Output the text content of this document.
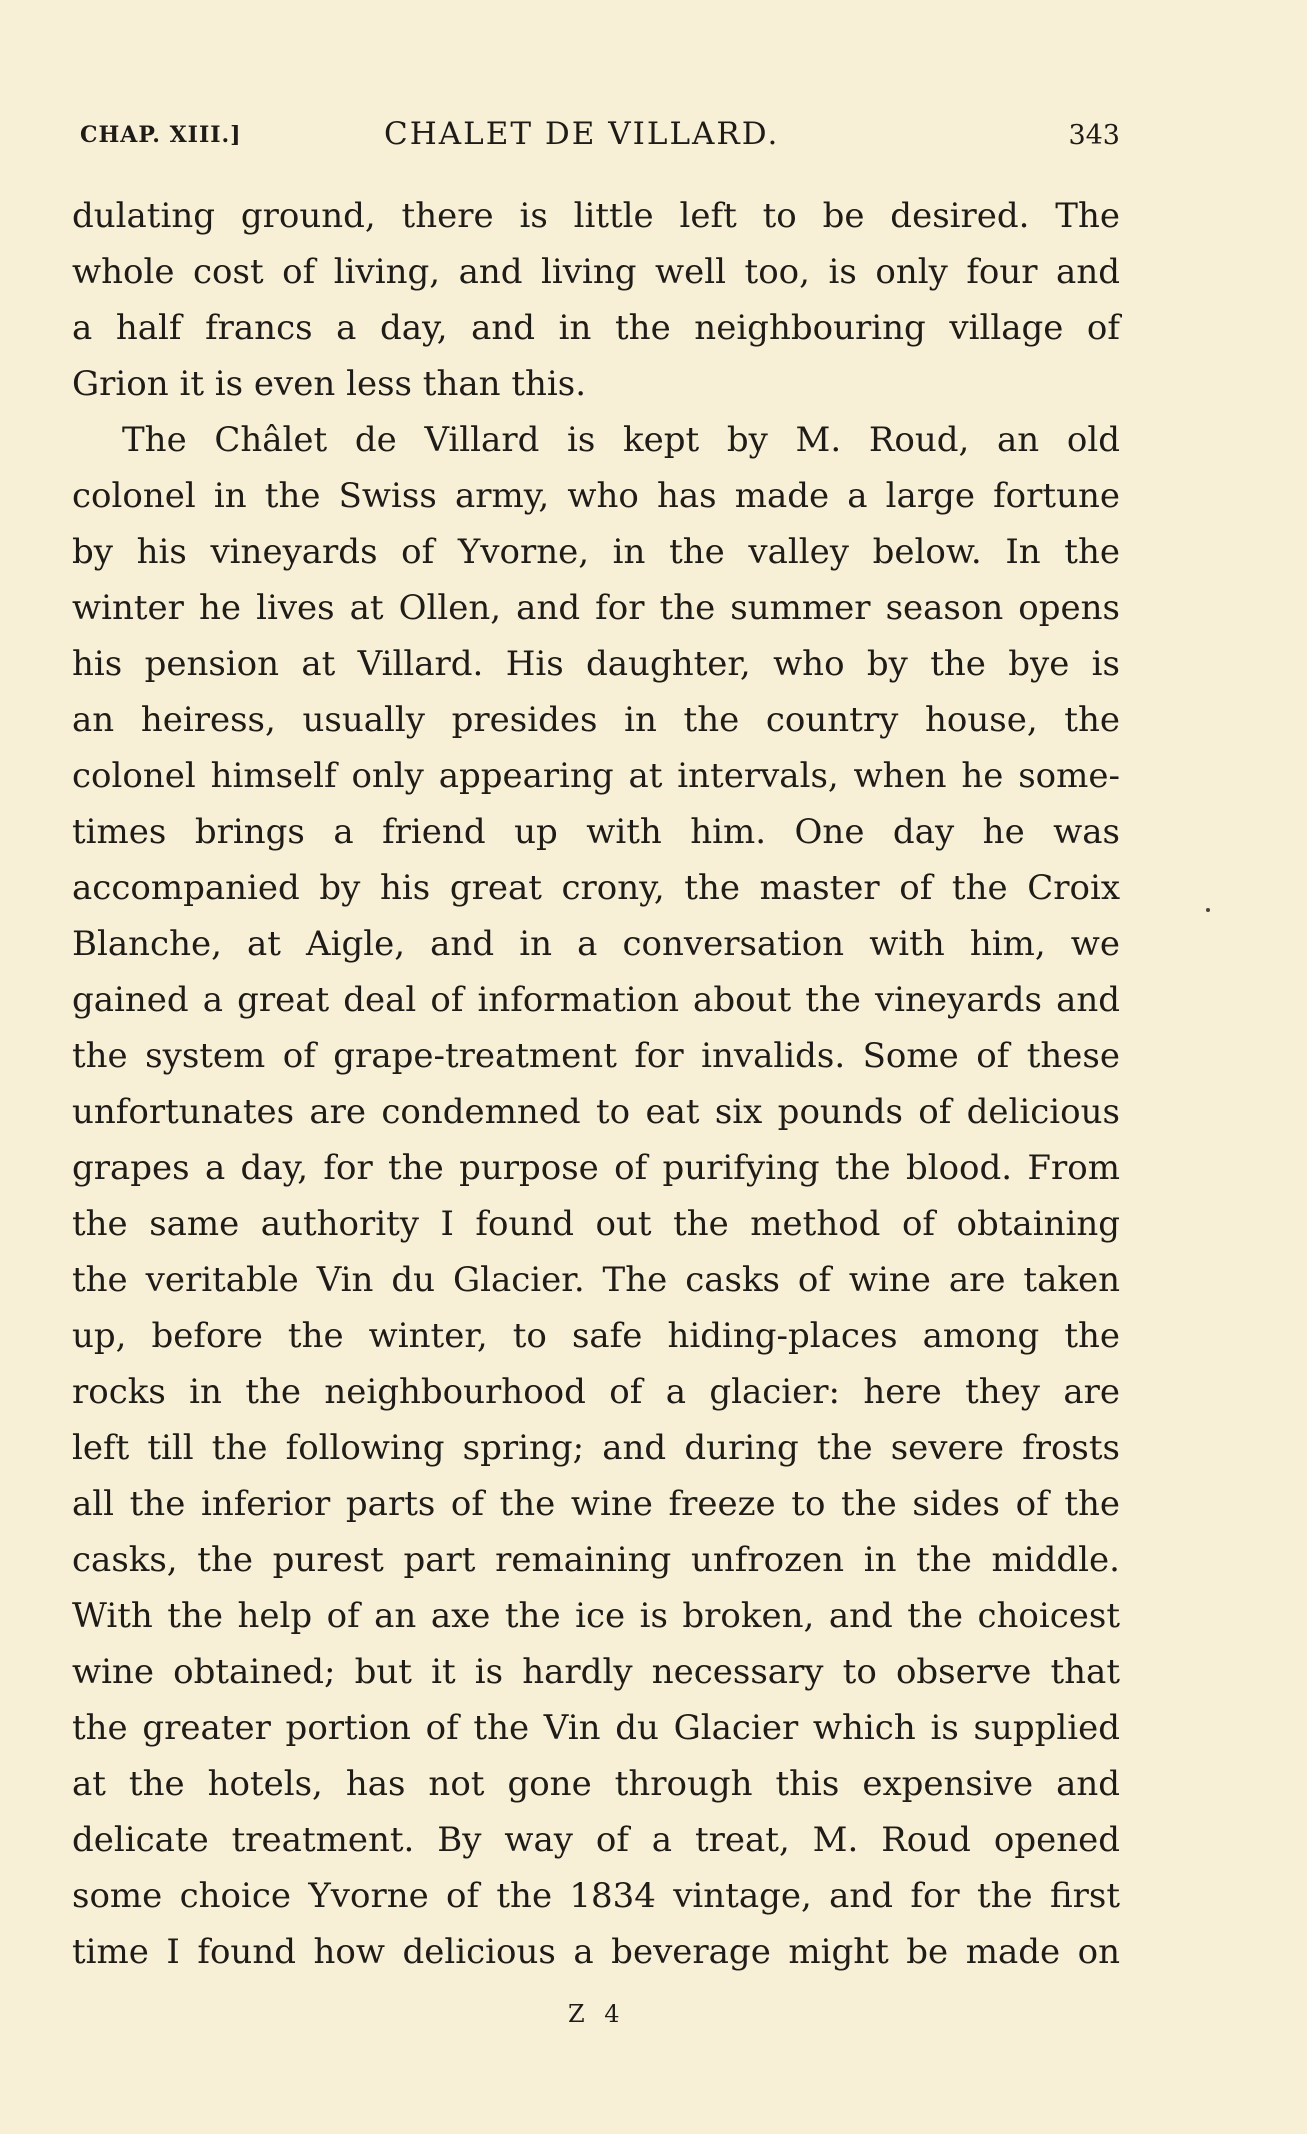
CHAP. XIII.]	CHALET DE VILLARD.	343
dulating ground, there is little left to be desired. The
whole cost of living, and living well too, is only four and
a half francs a day, and in the neighbouring village of
Grion it is even less than this.
The Châlet de Villard is kept by M. Roud, an old
colonel in the Swiss army, who has made a large fortune
by his vineyards of Yvorne, in the valley below. In the
winter he lives at Ollen, and for the summer season opens
his pension at Villard. His daughter, who by the bye is
an heiress, usually presides in the country house, the
colonel himself only appearing at intervals, when he some-
times brings a friend up with him. One day he was
accompanied by his great crony, the master of the Croix
Blanche, at Aigle, and in a conversation with him, we
gained a great deal of information about the vineyards and
the system of grape-treatment for invalids. Some of these
unfortunates are condemned to eat six pounds of delicious
grapes a day, for the purpose of purifying the blood. From
the same authority I found out the method of obtaining
the veritable Vin du Glacier. The casks of wine are taken
up, before the winter, to safe hiding-places among the
rocks in the neighbourhood of a glacier: here they are
left till the following spring; and during the severe frosts
all the inferior parts of the wine freeze to the sides of the
casks, the purest part remaining unfrozen in the middle.
With the help of an axe the ice is broken, and the choicest
wine obtained; but it is hardly necessary to observe that
the greater portion of the Vin du Glacier which is supplied
at the hotels, has not gone through this expensive and
delicate treatment. By way of a treat, M. Roud opened
some choice Yvorne of the 1834 vintage, and for the first
time I found how delicious a beverage might be made on
Z 4
